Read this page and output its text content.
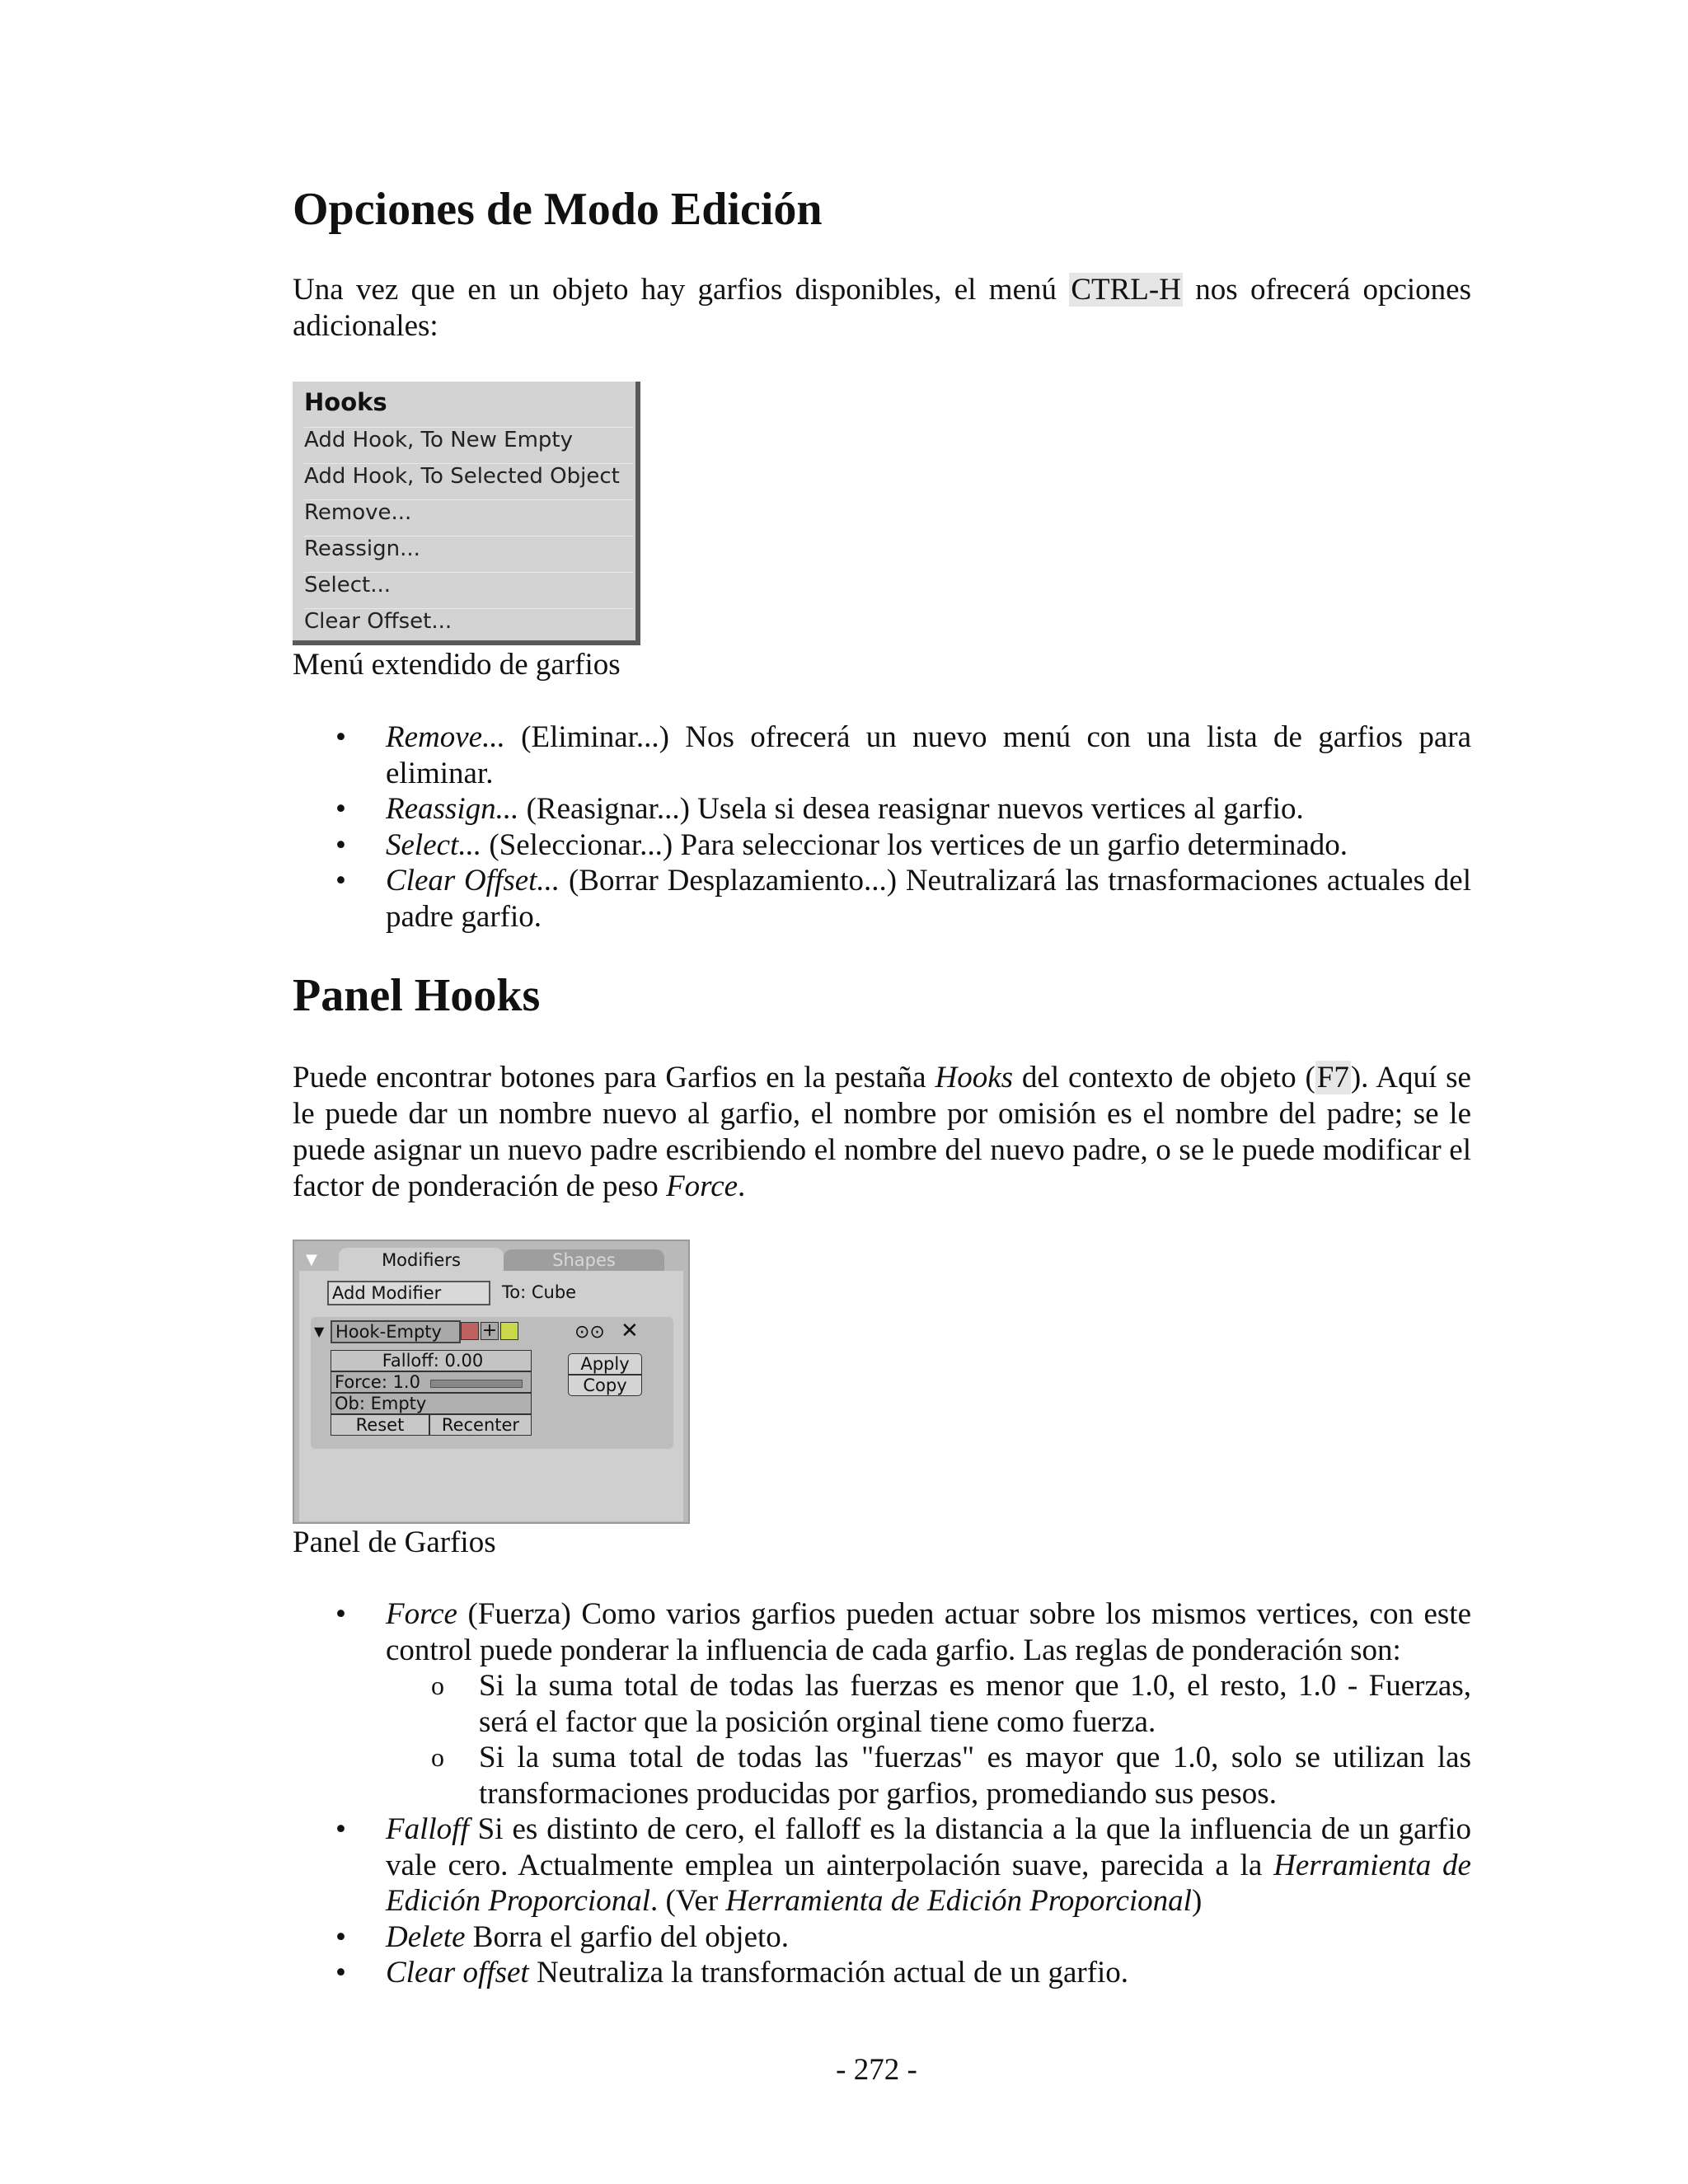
Opciones de Modo Edición

Una vez que en un objeto hay garfios disponibles, el menú CTRL-H nos ofrecerá opciones adicionales:

Hooks
Add Hook, To New Empty
Add Hook, To Selected Object
Remove...
Reassign...
Select...
Clear Offset...

Menú extendido de garfios

• Remove... (Eliminar...) Nos ofrecerá un nuevo menú con una lista de garfios para eliminar.
• Reassign... (Reasignar...) Usela si desea reasignar nuevos vertices al garfio.
• Select... (Seleccionar...) Para seleccionar los vertices de un garfio determinado.
• Clear Offset... (Borrar Desplazamiento...) Neutralizará las trnasformaciones actuales del padre garfio.
Panel Hooks

Puede encontrar botones para Garfios en la pestaña Hooks del contexto de objeto (F7). Aquí se le puede dar un nombre nuevo al garfio, el nombre por omisión es el nombre del padre; se le puede asignar un nuevo padre escribiendo el nombre del nuevo padre, o se le puede modificar el factor de ponderación de peso Force.

▼	Modifiers	Shapes
Add Modifier	To: Cube
▼ Hook-Empty	+	⊙⊙ ✕
Falloff: 0.00
Force: 1.0
Ob: Empty
Reset	Recenter
Apply
Copy

Panel de Garfios

• Force (Fuerza) Como varios garfios pueden actuar sobre los mismos vertices, con este control puede ponderar la influencia de cada garfio. Las reglas de ponderación son:
o Si la suma total de todas las fuerzas es menor que 1.0, el resto, 1.0 - Fuerzas, será el factor que la posición orginal tiene como fuerza.
o Si la suma total de todas las "fuerzas" es mayor que 1.0, solo se utilizan las transformaciones producidas por garfios, promediando sus pesos.
• Falloff Si es distinto de cero, el falloff es la distancia a la que la influencia de un garfio vale cero. Actualmente emplea un ainterpolación suave, parecida a la Herramienta de Edición Proporcional. (Ver Herramienta de Edición Proporcional)
• Delete Borra el garfio del objeto.
• Clear offset Neutraliza la transformación actual de un garfio.
- 272 -
